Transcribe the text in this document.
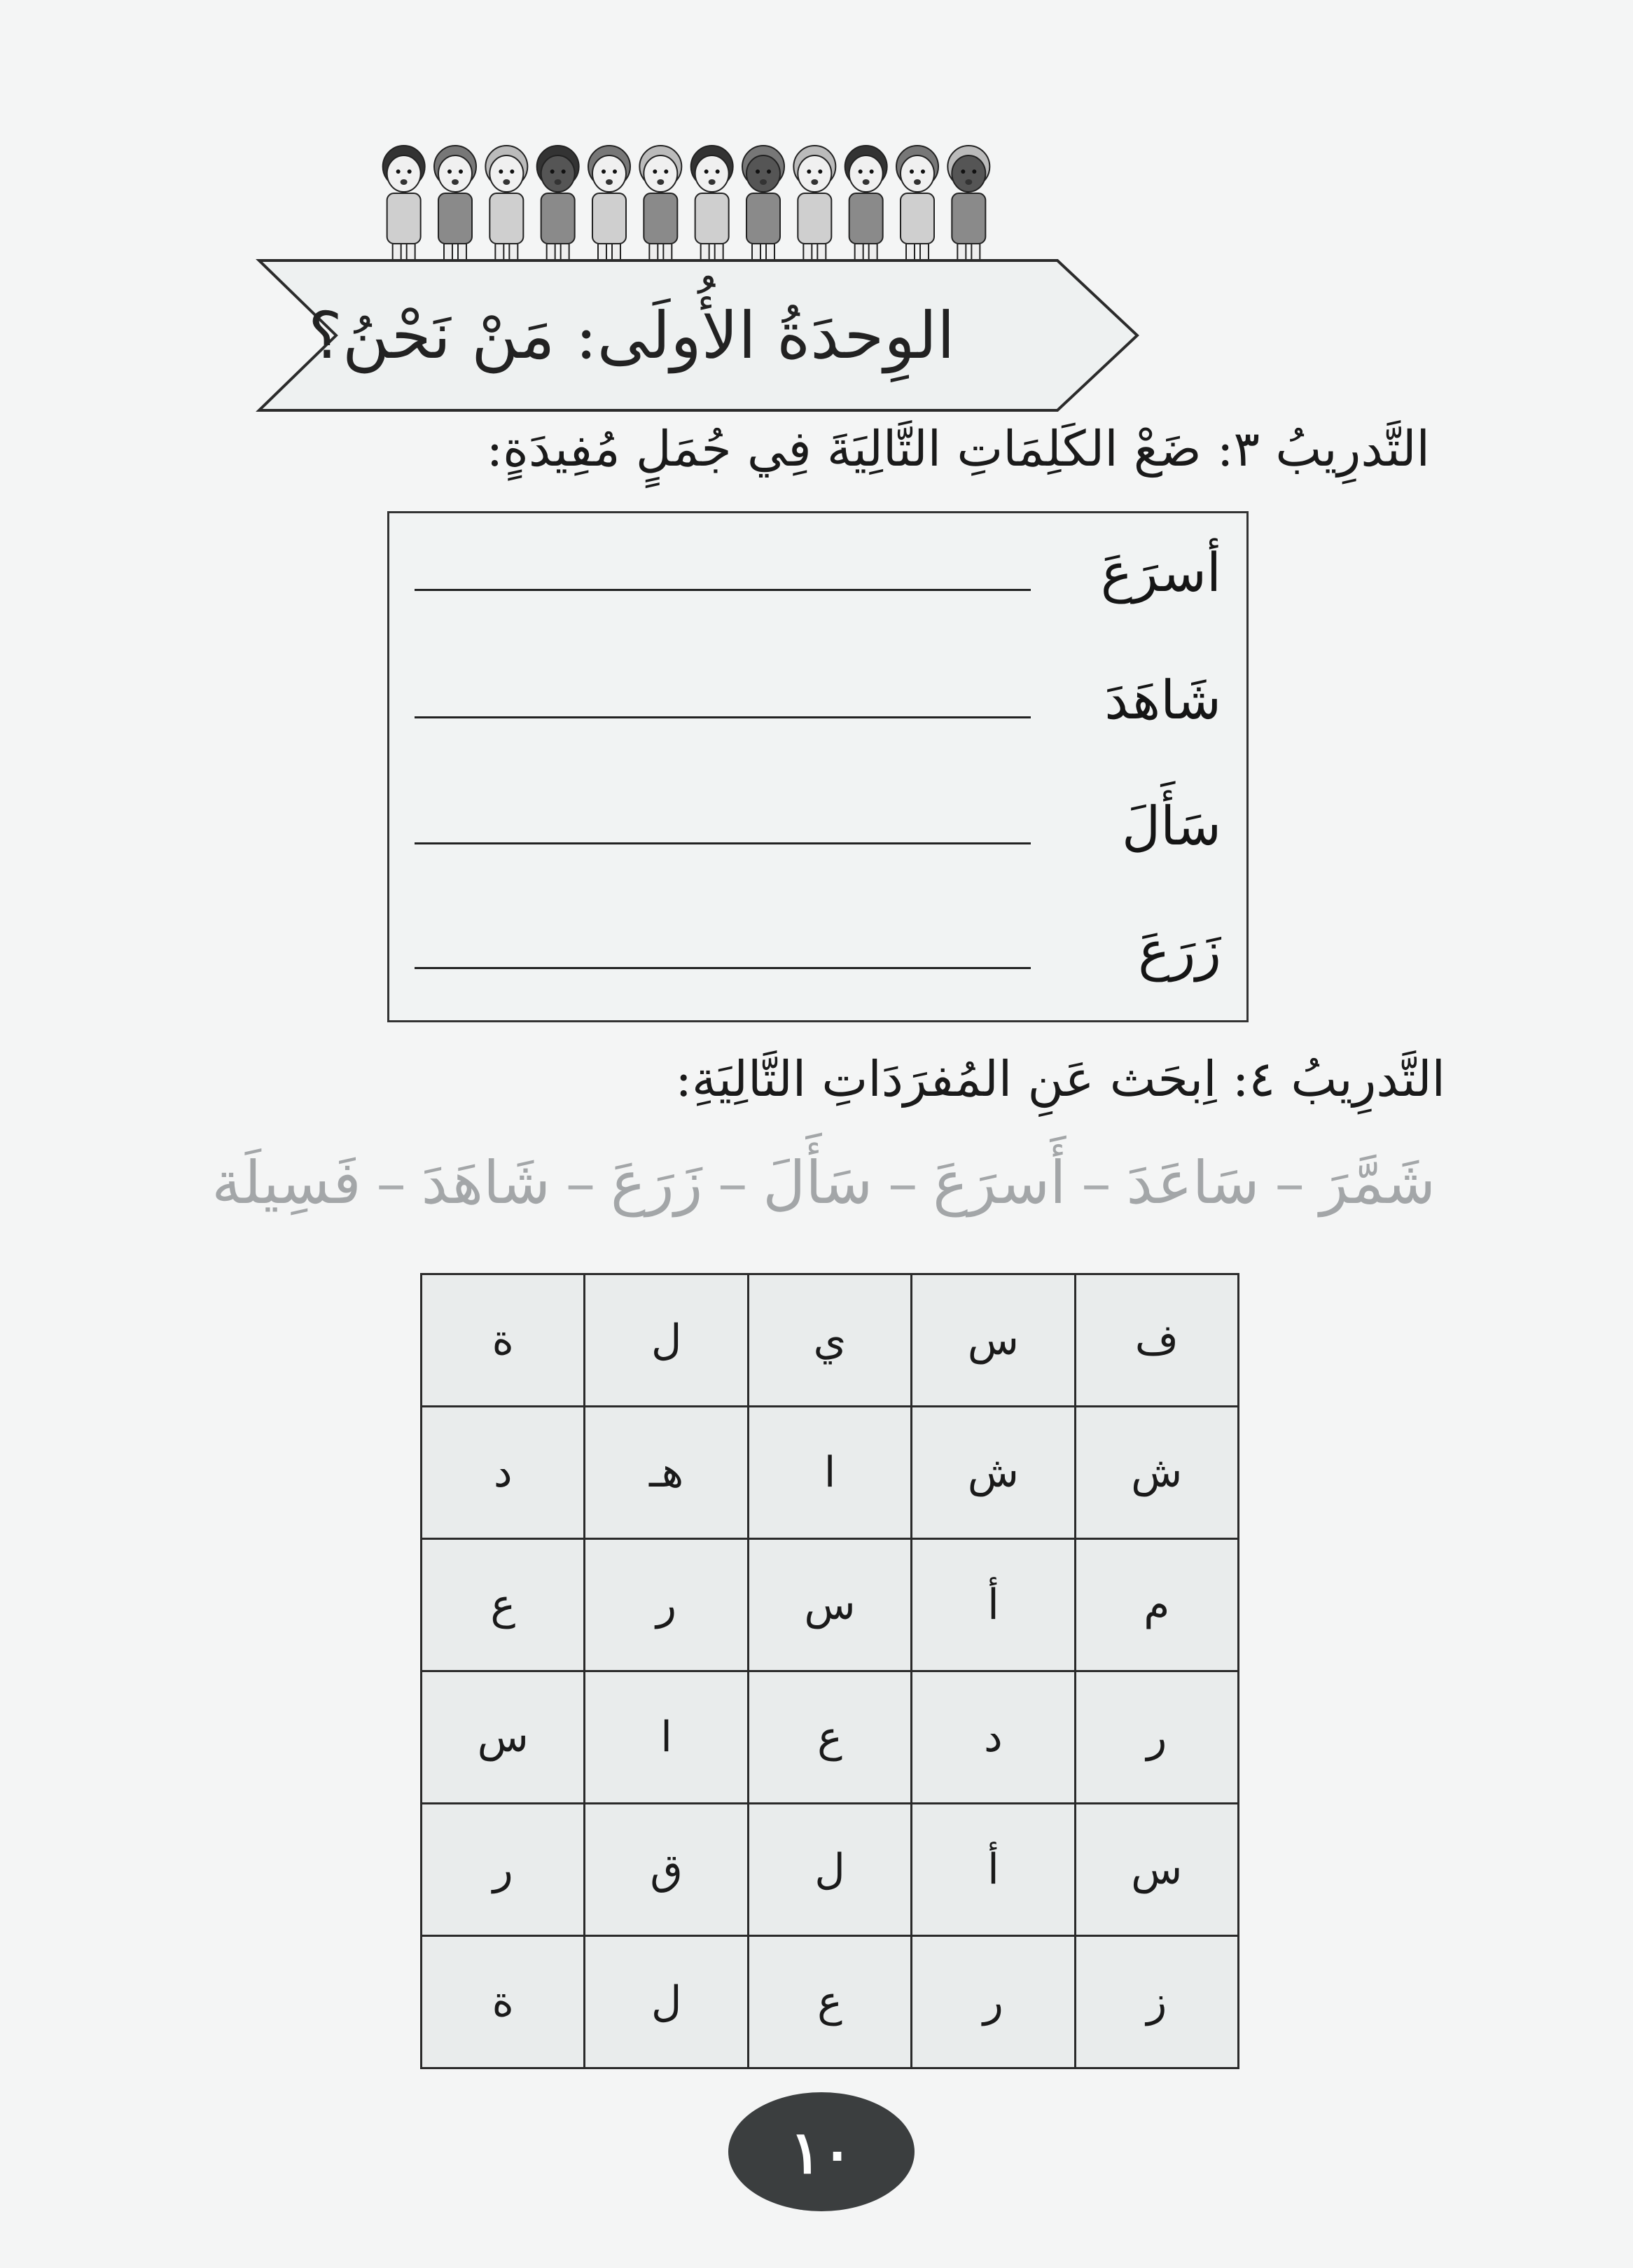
الوِحدَةُ الأُولَى: مَنْ نَحْنُ؟
التَّدرِيبُ ٣: ضَعْ الكَلِمَاتِ التَّالِيَةَ فِي جُمَلٍ مُفِيدَةٍ:
أسرَعَ
شَاهَدَ
سَأَلَ
زَرَعَ
التَّدرِيبُ ٤: اِبحَث عَنِ المُفرَدَاتِ التَّالِيَةِ:
شَمَّرَ–سَاعَدَ–أَسرَعَ–سَأَلَ–زَرَعَ–شَاهَدَ–فَسِيلَة
ف	س	ي	ل	ة
ش	ش	ا	هـ	د
م	أ	س	ر	ع
ر	د	ع	ا	س
س	أ	ل	ق	ر
ز	ر	ع	ل	ة
١٠
